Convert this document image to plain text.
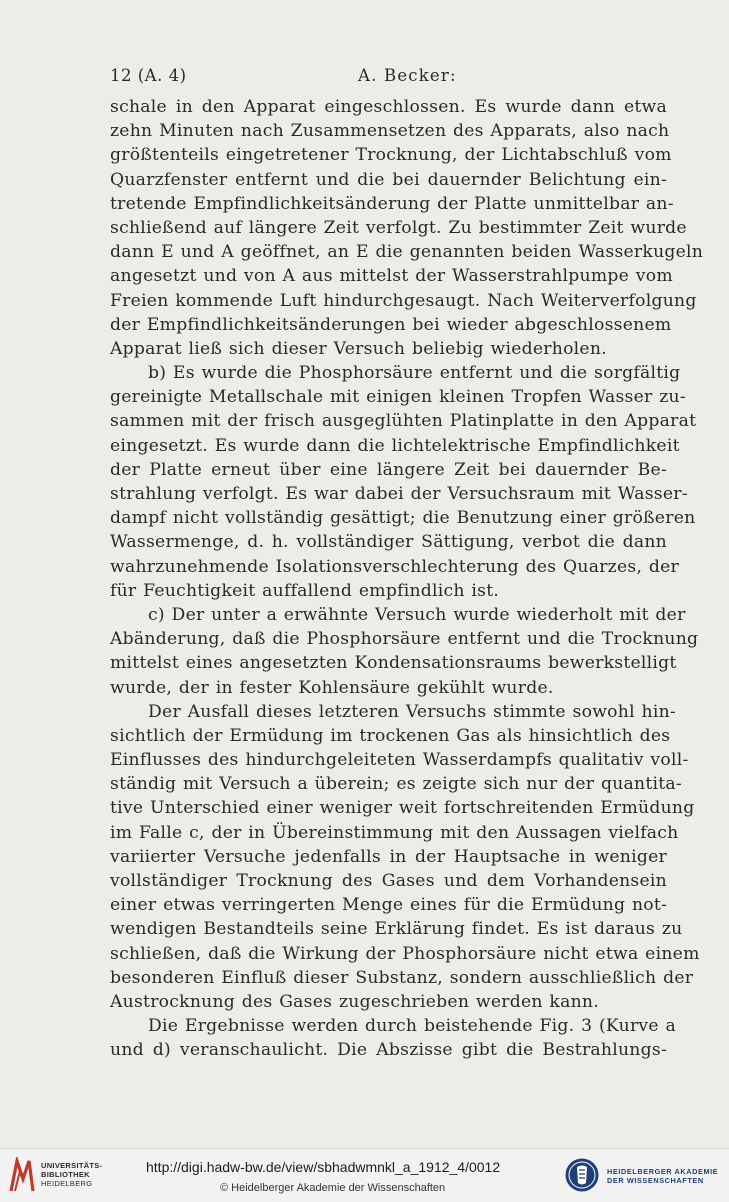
12 (A. 4)	A. Becker:
schale in den Apparat eingeschlossen. Es wurde dann etwa
zehn Minuten nach Zusammensetzen des Apparats, also nach
größtenteils eingetretener Trocknung, der Lichtabschluß vom
Quarzfenster entfernt und die bei dauernder Belichtung ein-
tretende Empfindlichkeitsänderung der Platte unmittelbar an-
schließend auf längere Zeit verfolgt. Zu bestimmter Zeit wurde
dann E und A geöffnet, an E die genannten beiden Wasserkugeln
angesetzt und von A aus mittelst der Wasserstrahlpumpe vom
Freien kommende Luft hindurchgesaugt. Nach Weiterverfolgung
der Empfindlichkeitsänderungen bei wieder abgeschlossenem
Apparat ließ sich dieser Versuch beliebig wiederholen.
b) Es wurde die Phosphorsäure entfernt und die sorgfältig
gereinigte Metallschale mit einigen kleinen Tropfen Wasser zu-
sammen mit der frisch ausgeglühten Platinplatte in den Apparat
eingesetzt. Es wurde dann die lichtelektrische Empfindlichkeit
der Platte erneut über eine längere Zeit bei dauernder Be-
strahlung verfolgt. Es war dabei der Versuchsraum mit Wasser-
dampf nicht vollständig gesättigt; die Benutzung einer größeren
Wassermenge, d. h. vollständiger Sättigung, verbot die dann
wahrzunehmende Isolationsverschlechterung des Quarzes, der
für Feuchtigkeit auffallend empfindlich ist.
c) Der unter a erwähnte Versuch wurde wiederholt mit der
Abänderung, daß die Phosphorsäure entfernt und die Trocknung
mittelst eines angesetzten Kondensationsraums bewerkstelligt
wurde, der in fester Kohlensäure gekühlt wurde.
Der Ausfall dieses letzteren Versuchs stimmte sowohl hin-
sichtlich der Ermüdung im trockenen Gas als hinsichtlich des
Einflusses des hindurchgeleiteten Wasserdampfs qualitativ voll-
ständig mit Versuch a überein; es zeigte sich nur der quantita-
tive Unterschied einer weniger weit fortschreitenden Ermüdung
im Falle c, der in Übereinstimmung mit den Aussagen vielfach
variierter Versuche jedenfalls in der Hauptsache in weniger
vollständiger Trocknung des Gases und dem Vorhandensein
einer etwas verringerten Menge eines für die Ermüdung not-
wendigen Bestandteils seine Erklärung findet. Es ist daraus zu
schließen, daß die Wirkung der Phosphorsäure nicht etwa einem
besonderen Einfluß dieser Substanz, sondern ausschließlich der
Austrocknung des Gases zugeschrieben werden kann.
Die Ergebnisse werden durch beistehende Fig. 3 (Kurve a
und d) veranschaulicht. Die Abszisse gibt die Bestrahlungs-
UNIVERSITÄTS-
BIBLIOTHEK
HEIDELBERG
http://digi.hadw-bw.de/view/sbhadwmnkl_a_1912_4/0012
© Heidelberger Akademie der Wissenschaften
HEIDELBERGER AKADEMIE
DER WISSENSCHAFTEN
